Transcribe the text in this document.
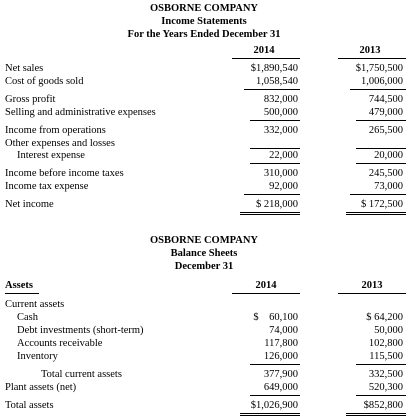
OSBORNE COMPANY
Income Statements
For the Years Ended December 31
2014	2013
Net sales	$1,890,540	$1,750,500
Cost of goods sold	1,058,540	1,006,000
Gross profit	832,000	744,500
Selling and administrative expenses	500,000	479,000
Income from operations	332,000	265,500
Other expenses and losses
Interest expense	22,000	20,000
Income before income taxes	310,000	245,500
Income tax expense	92,000	73,000
Net income	$ 218,000	$ 172,500
OSBORNE COMPANY
Balance Sheets
December 31
Assets	2014	2013
Current assets
Cash	$    60,100	$ 64,200
Debt investments (short-term)	74,000	50,000
Accounts receivable	117,800	102,800
Inventory	126,000	115,500
Total current assets	377,900	332,500
Plant assets (net)	649,000	520,300
Total assets	$1,026,900	$852,800
